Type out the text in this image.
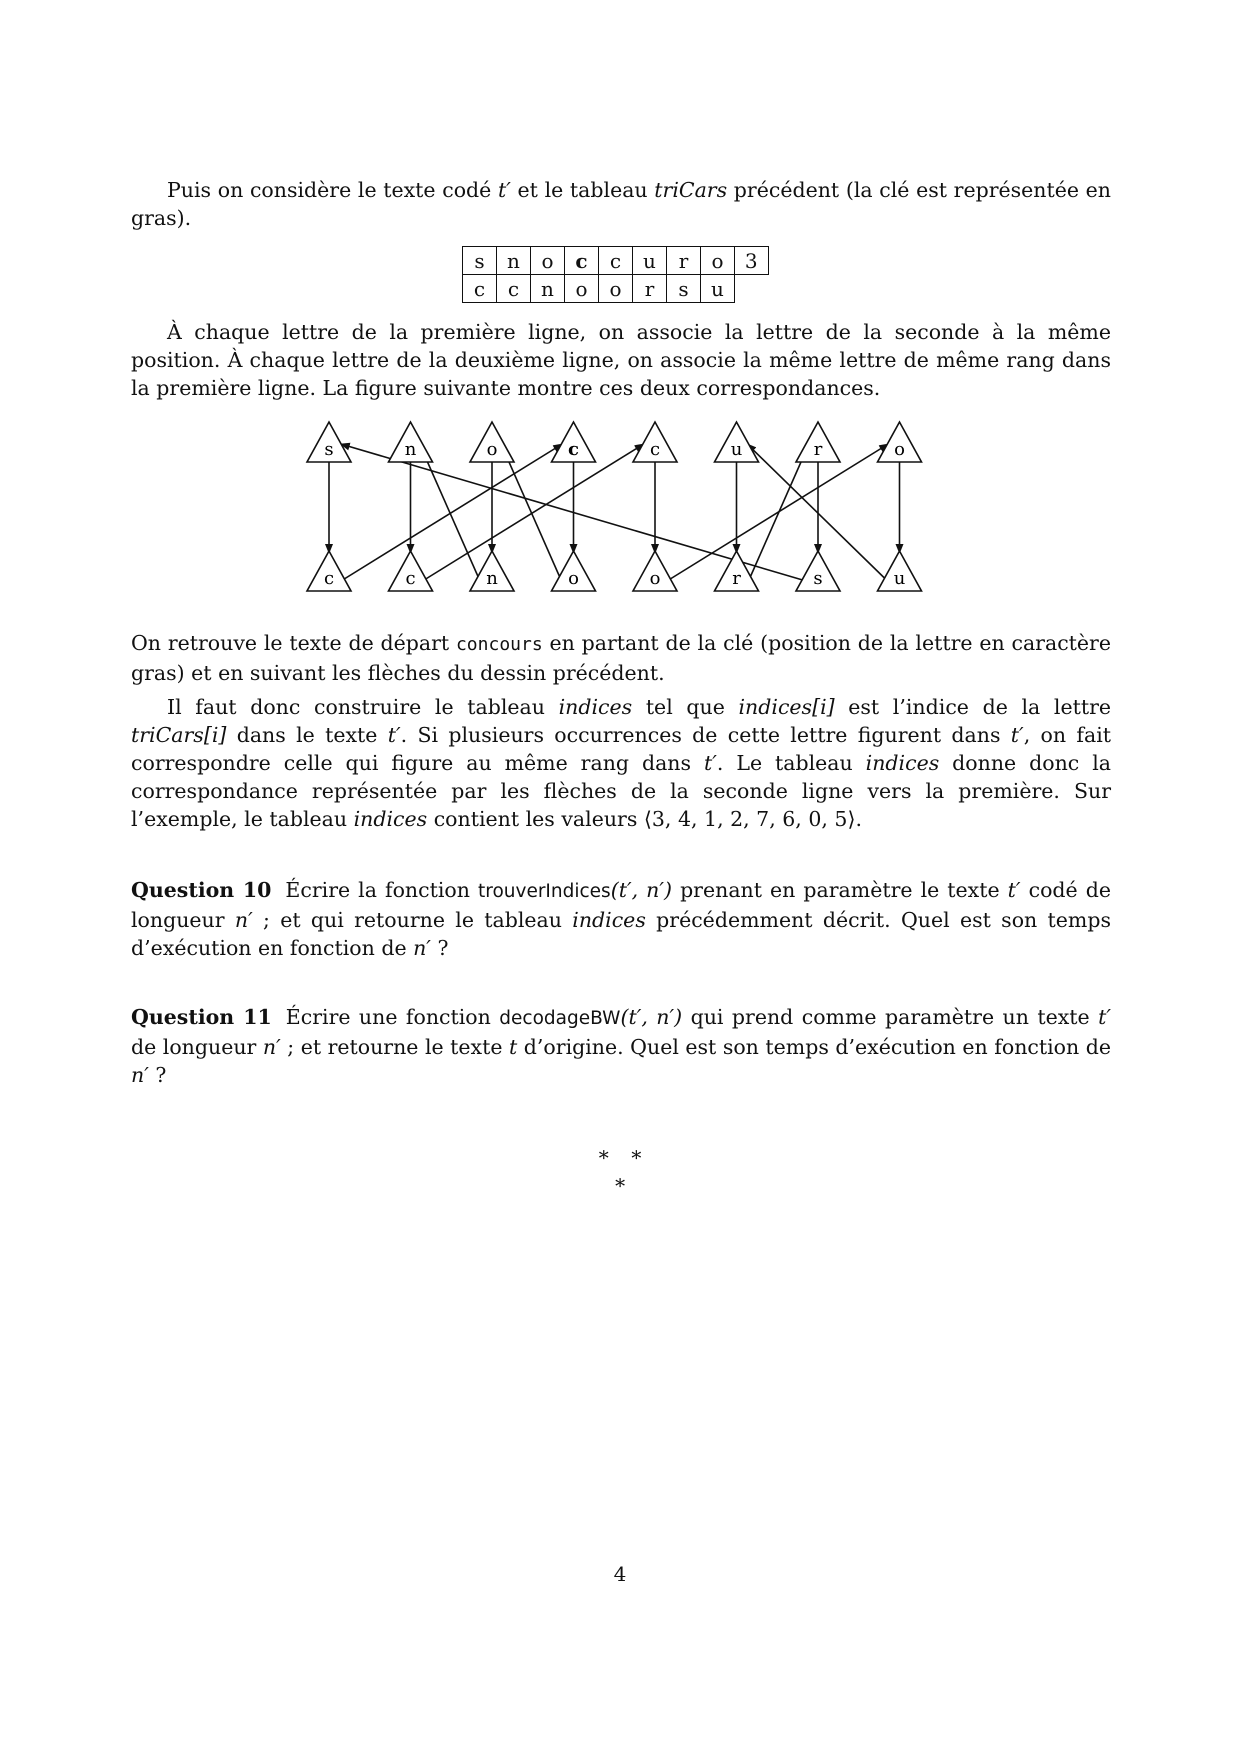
Puis on considère le texte codé t′ et le tableau triCars précédent (la clé est représentée en gras).

s	n	o	c	c	u	r	o	3
c	c	n	o	o	r	s	u	

À chaque lettre de la première ligne, on associe la lettre de la seconde à la même position. À chaque lettre de la deuxième ligne, on associe la même lettre de même rang dans la première ligne. La figure suivante montre ces deux correspondances.

s	n	o	c	c	u	r	o
c	c	n	o	o	r	s	u

On retrouve le texte de départ concours en partant de la clé (position de la lettre en caractère gras) et en suivant les flèches du dessin précédent.

Il faut donc construire le tableau indices tel que indices[i] est l’indice de la lettre triCars[i] dans le texte t′. Si plusieurs occurrences de cette lettre figurent dans t′, on fait correspondre celle qui figure au même rang dans t′. Le tableau indices donne donc la correspondance représentée par les flèches de la seconde ligne vers la première. Sur l’exemple, le tableau indices contient les valeurs ⟨3, 4, 1, 2, 7, 6, 0, 5⟩.

Question 10 Écrire la fonction trouverIndices(t′, n′) prenant en paramètre le texte t′ codé de longueur n′ ; et qui retourne le tableau indices précédemment décrit. Quel est son temps d’exécution en fonction de n′ ?

Question 11 Écrire une fonction decodageBW(t′, n′) qui prend comme paramètre un texte t′ de longueur n′ ; et retourne le texte t d’origine. Quel est son temps d’exécution en fonction de n′ ?

∗   ∗
∗
4
